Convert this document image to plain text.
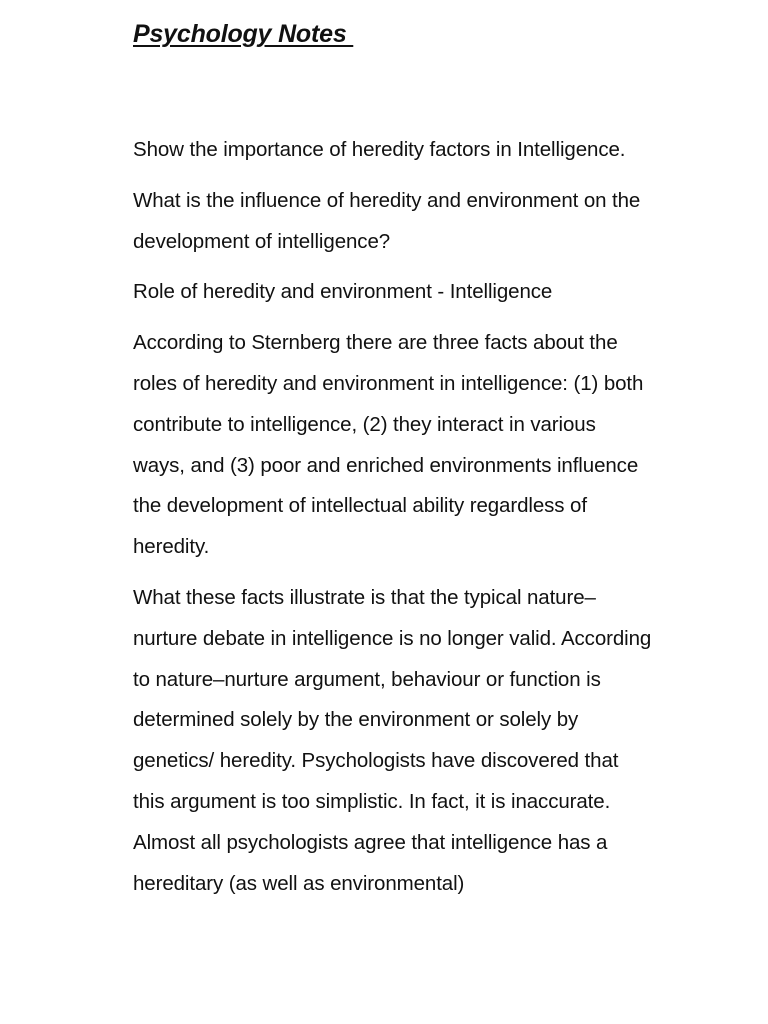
Psychology Notes

Show the importance of heredity factors in Intelligence.

What is the influence of heredity and environment on the development of intelligence?

Role of heredity and environment - Intelligence

According to Sternberg there are three facts about the roles of heredity and environment in intelligence: (1) both contribute to intelligence, (2) they interact in various ways, and (3) poor and enriched environments influence the development of intellectual ability regardless of heredity.

What these facts illustrate is that the typical nature– nurture debate in intelligence is no longer valid. According to nature–nurture argument, behaviour or function is determined solely by the environment or solely by genetics/ heredity. Psychologists have discovered that this argument is too simplistic. In fact, it is inaccurate. Almost all psychologists agree that intelligence has a hereditary (as well as environmental)
